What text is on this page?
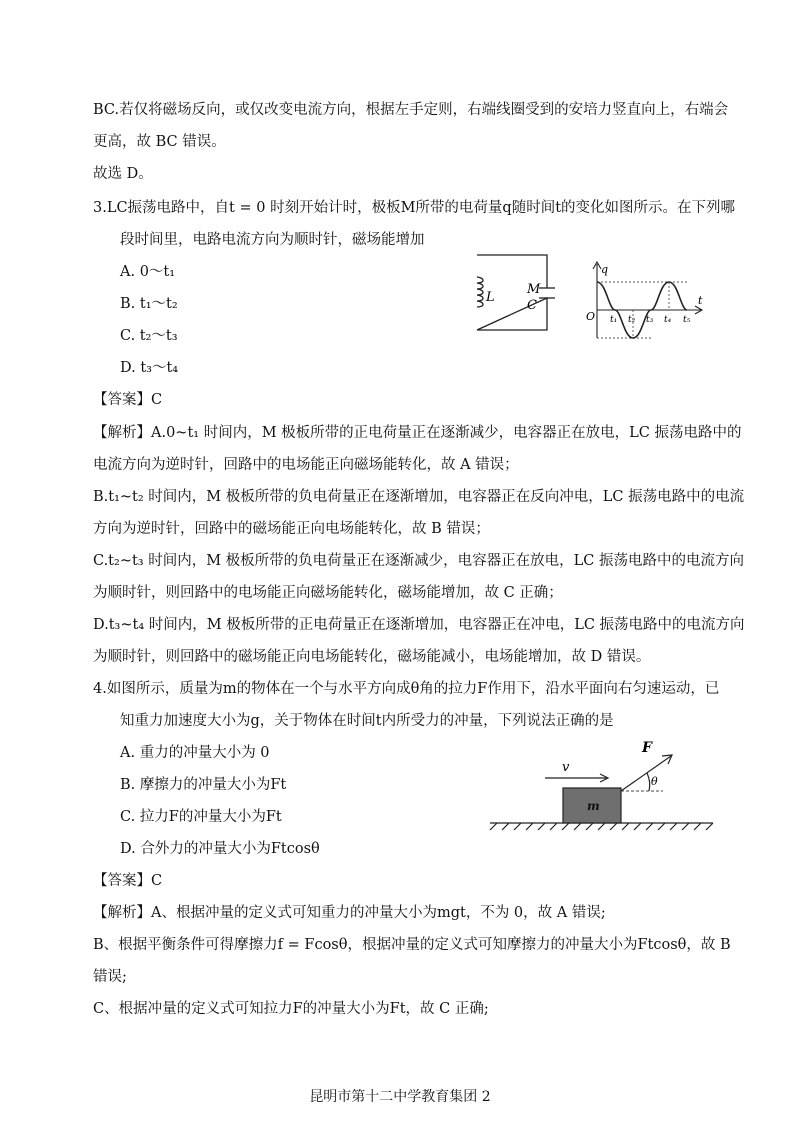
BC.若仅将磁场反向，或仅改变电流方向，根据左手定则，右端线圈受到的安培力竖直向上，右端会
更高，故 BC 错误。
故选 D。
3.LC振荡电路中，自t = 0 时刻开始计时，极板M所带的电荷量q随时间t的变化如图所示。在下列哪
段时间里，电路电流方向为顺时针，磁场能增加
A. 0～t₁
B. t₁～t₂
C. t₂～t₃
D. t₃～t₄
L
M
C
q
t
O t₁ t₂ t₃ t₄ t₅
【答案】C
【解析】A.0~t₁ 时间内，M 极板所带的正电荷量正在逐渐减少，电容器正在放电，LC 振荡电路中的
电流方向为逆时针，回路中的电场能正向磁场能转化，故 A 错误；
B.t₁~t₂ 时间内，M 极板所带的负电荷量正在逐渐增加，电容器正在反向冲电，LC 振荡电路中的电流
方向为逆时针，回路中的磁场能正向电场能转化，故 B 错误；
C.t₂~t₃ 时间内，M 极板所带的负电荷量正在逐渐减少，电容器正在放电，LC 振荡电路中的电流方向
为顺时针，则回路中的电场能正向磁场能转化，磁场能增加，故 C 正确；
D.t₃~t₄ 时间内，M 极板所带的正电荷量正在逐渐增加，电容器正在冲电，LC 振荡电路中的电流方向
为顺时针，则回路中的磁场能正向电场能转化，磁场能减小，电场能增加，故 D 错误。
4.如图所示，质量为m的物体在一个与水平方向成θ角的拉力F作用下，沿水平面向右匀速运动，已
知重力加速度大小为g，关于物体在时间t内所受力的冲量，下列说法正确的是
A. 重力的冲量大小为 0
B. 摩擦力的冲量大小为Ft
C. 拉力F的冲量大小为Ft
D. 合外力的冲量大小为Ftcosθ
m
v
F
θ
【答案】C
【解析】A、根据冲量的定义式可知重力的冲量大小为mgt，不为 0，故 A 错误;
B、根据平衡条件可得摩擦力f = Fcosθ，根据冲量的定义式可知摩擦力的冲量大小为Ftcosθ，故 B
错误;
C、根据冲量的定义式可知拉力F的冲量大小为Ft，故 C 正确;
昆明市第十二中学教育集团 2
